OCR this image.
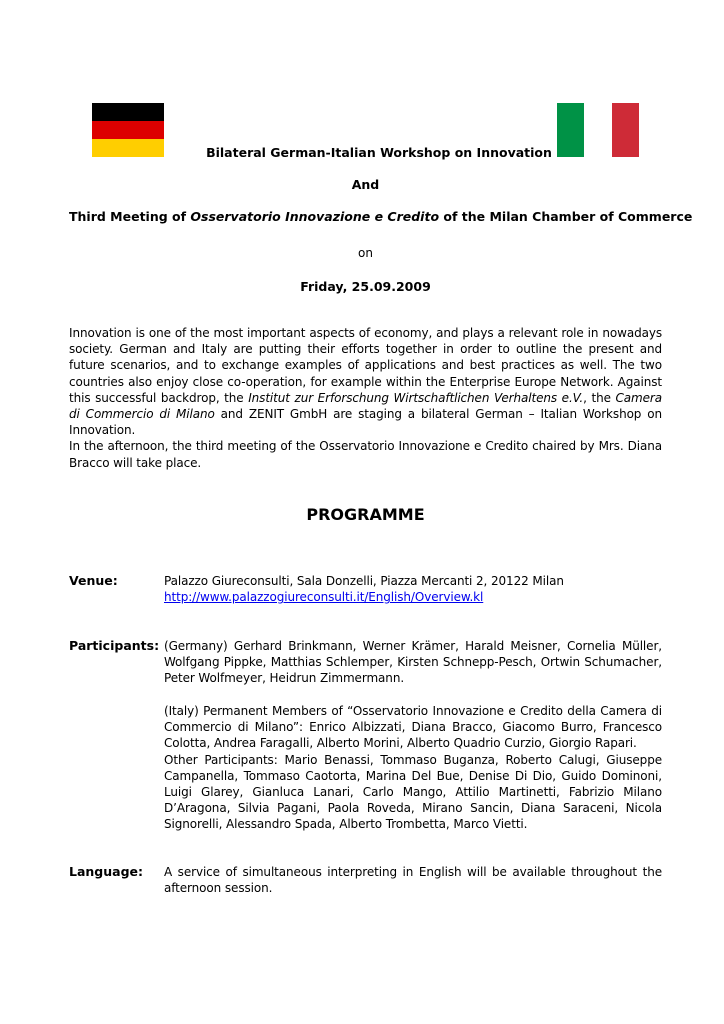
Bilateral German-Italian Workshop on Innovation
And
Third Meeting of Osservatorio Innovazione e Credito of the Milan Chamber of Commerce
on
Friday, 25.09.2009

Innovation is one of the most important aspects of economy, and plays a relevant role in nowadays society. German and Italy are putting their efforts together in order to outline the present and future scenarios, and to exchange examples of applications and best practices as well. The two countries also enjoy close co-operation, for example within the Enterprise Europe Network. Against this successful backdrop, the Institut zur Erforschung Wirtschaftlichen Verhaltens e.V., the Camera di Commercio di Milano and ZENIT GmbH are staging a bilateral German – Italian Workshop on Innovation.

In the afternoon, the third meeting of the Osservatorio Innovazione e Credito chaired by Mrs. Diana Bracco will take place.

PROGRAMME
Venue:	Palazzo Giureconsulti, Sala Donzelli, Piazza Mercanti 2, 20122 Milan

http://www.palazzogiureconsulti.it/English/Overview.kl

Participants: (Germany) Gerhard Brinkmann, Werner Krämer, Harald Meisner, Cornelia Müller, Wolfgang Pippke, Matthias Schlemper, Kirsten Schnepp-Pesch, Ortwin Schumacher, Peter Wolfmeyer, Heidrun Zimmermann.

(Italy) Permanent Members of “Osservatorio Innovazione e Credito della Camera di Commercio di Milano”: Enrico Albizzati, Diana Bracco, Giacomo Burro, Francesco Colotta, Andrea Faragalli, Alberto Morini, Alberto Quadrio Curzio, Giorgio Rapari.

Other Participants: Mario Benassi, Tommaso Buganza, Roberto Calugi, Giuseppe Campanella, Tommaso Caotorta, Marina Del Bue, Denise Di Dio, Guido Dominoni, Luigi Glarey, Gianluca Lanari, Carlo Mango, Attilio Martinetti, Fabrizio Milano D’Aragona, Silvia Pagani, Paola Roveda, Mirano Sancin, Diana Saraceni, Nicola Signorelli, Alessandro Spada, Alberto Trombetta, Marco Vietti.

Language: A service of simultaneous interpreting in English will be available throughout the afternoon session.
